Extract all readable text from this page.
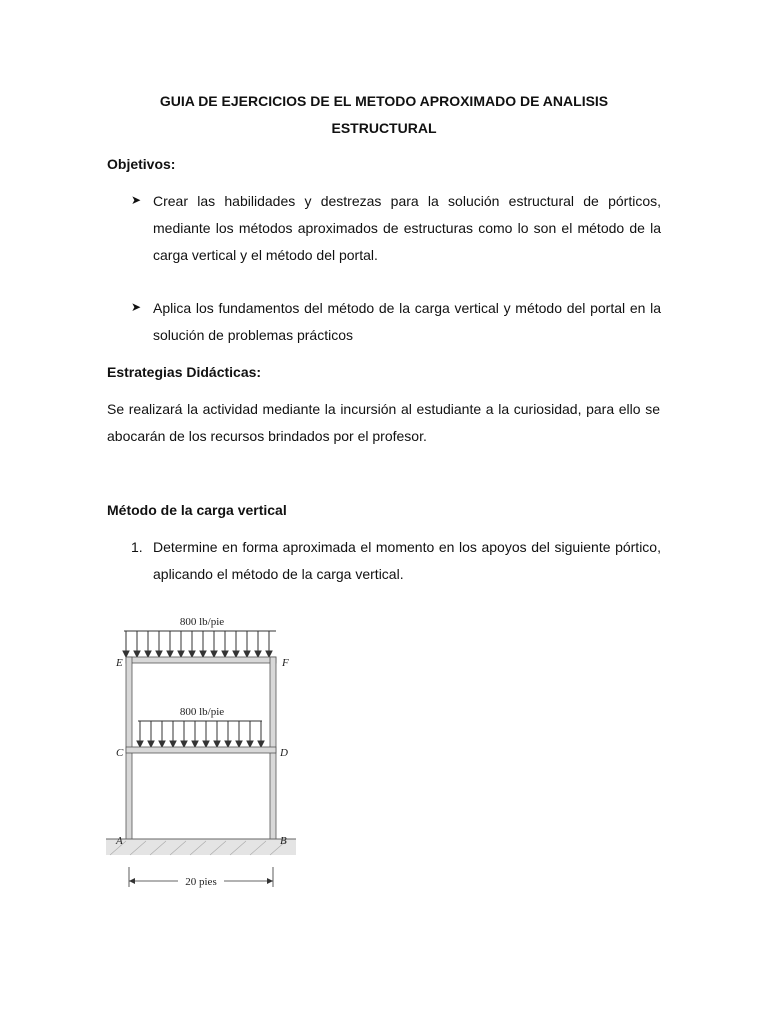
GUIA DE EJERCICIOS DE EL METODO APROXIMADO DE ANALISIS
ESTRUCTURAL
Objetivos:
➤ Crear las habilidades y destrezas para la solución estructural de pórticos, mediante los métodos aproximados de estructuras como lo son el método de la carga vertical y el método del portal.
➤ Aplica los fundamentos del método de la carga vertical y método del portal en la solución de problemas prácticos
Estrategias Didácticas:
Se realizará la actividad mediante la incursión al estudiante a la curiosidad, para ello se abocarán de los recursos brindados por el profesor.
Método de la carga vertical
1. Determine en forma aproximada el momento en los apoyos del siguiente pórtico, aplicando el método de la carga vertical.
800 lb/pie
800 lb/pie
E	F
C	D
A	B
20 pies
